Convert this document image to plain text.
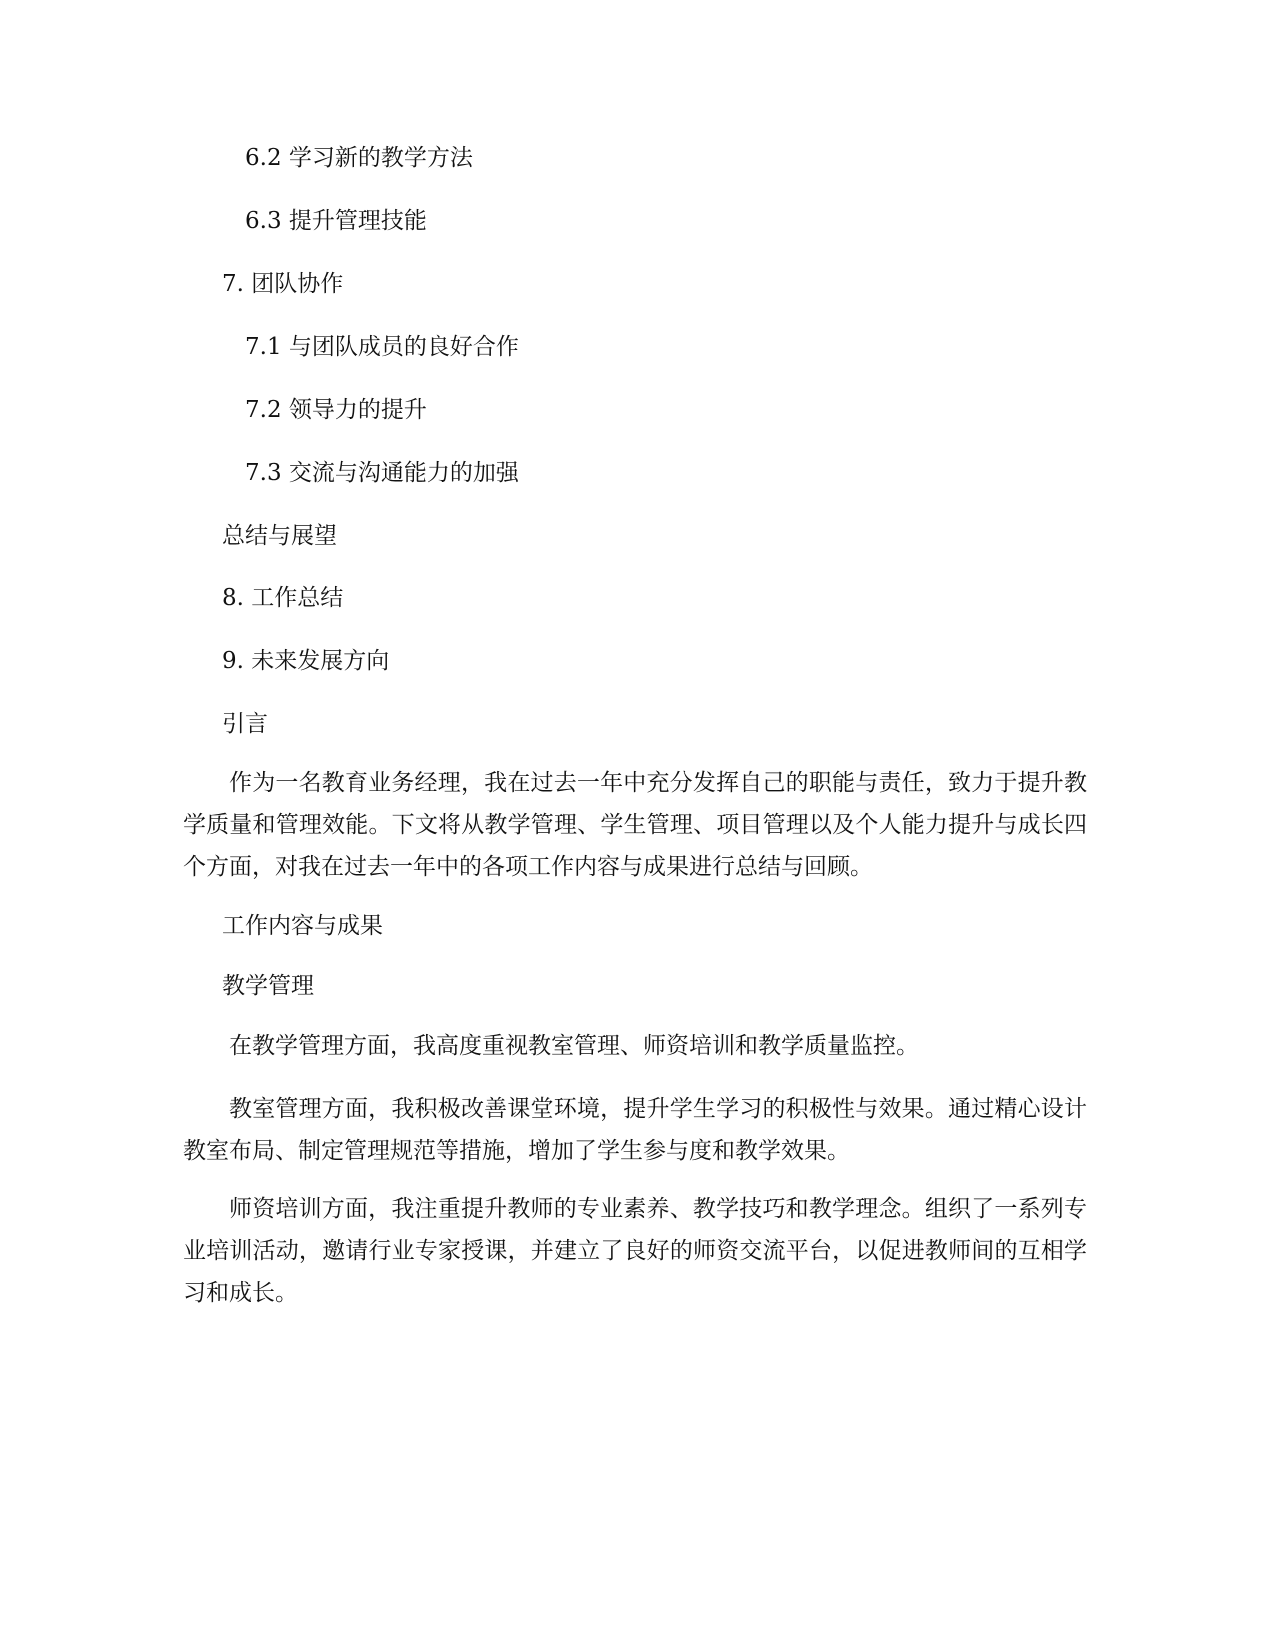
6.2 学习新的教学方法
6.3 提升管理技能
7. 团队协作
7.1 与团队成员的良好合作
7.2 领导力的提升
7.3 交流与沟通能力的加强
总结与展望
8. 工作总结
9. 未来发展方向
引言

作为一名教育业务经理，我在过去一年中充分发挥自己的职能与责任，致力于提升教学质量和管理效能。下文将从教学管理、学生管理、项目管理以及个人能力提升与成长四个方面，对我在过去一年中的各项工作内容与成果进行总结与回顾。

工作内容与成果
教学管理

在教学管理方面，我高度重视教室管理、师资培训和教学质量监控。

教室管理方面，我积极改善课堂环境，提升学生学习的积极性与效果。通过精心设计教室布局、制定管理规范等措施，增加了学生参与度和教学效果。

师资培训方面，我注重提升教师的专业素养、教学技巧和教学理念。组织了一系列专业培训活动，邀请行业专家授课，并建立了良好的师资交流平台，以促进教师间的互相学习和成长。
